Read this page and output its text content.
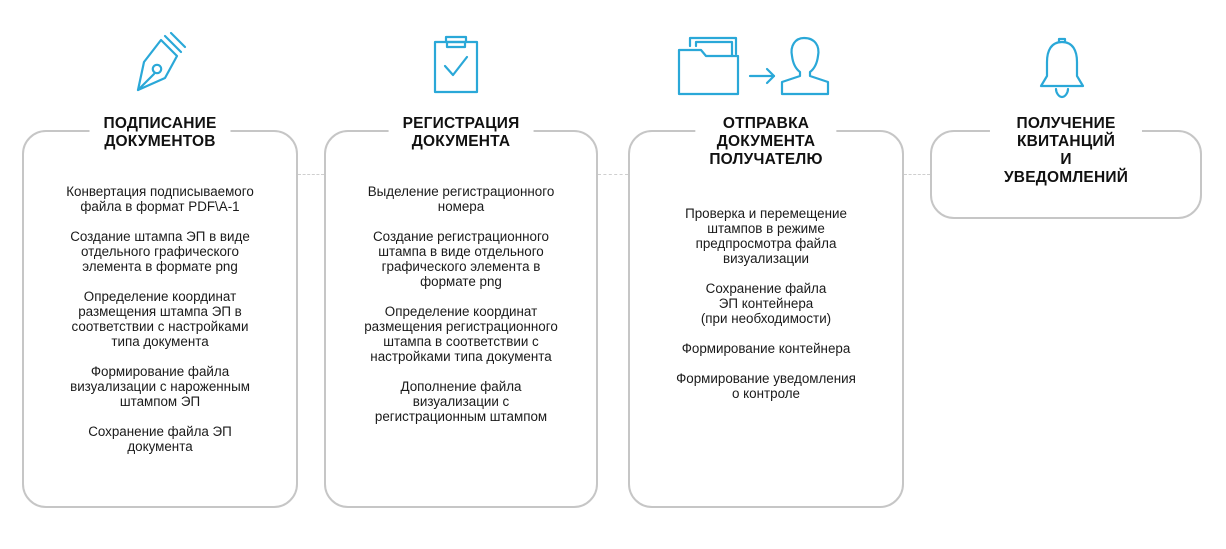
ПОДПИСАНИЕ
ДОКУМЕНТОВ
Конвертация подписываемого
файла в формат PDF\A-1
Создание штампа ЭП в виде
отдельного графического
элемента в формате png
Определение координат
размещения штампа ЭП в
соответствии с настройками
типа документа
Формирование файла
визуализации с нароженным
штампом ЭП
Сохранение файла ЭП
документа
РЕГИСТРАЦИЯ
ДОКУМЕНТА
Выделение регистрационного
номера
Создание регистрационного
штампа в виде отдельного
графического элемента в
формате png
Определение координат
размещения регистрационного
штампа в соответствии с
настройками типа документа
Дополнение файла
визуализации с
регистрационным штампом
ОТПРАВКА
ДОКУМЕНТА
ПОЛУЧАТЕЛЮ
Проверка и перемещение
штампов в режиме
предпросмотра файла
визуализации
Сохранение файла
ЭП контейнера
(при необходимости)
Формирование контейнера
Формирование уведомления
о контроле
ПОЛУЧЕНИЕ
КВИТАНЦИЙ
И УВЕДОМЛЕНИЙ
